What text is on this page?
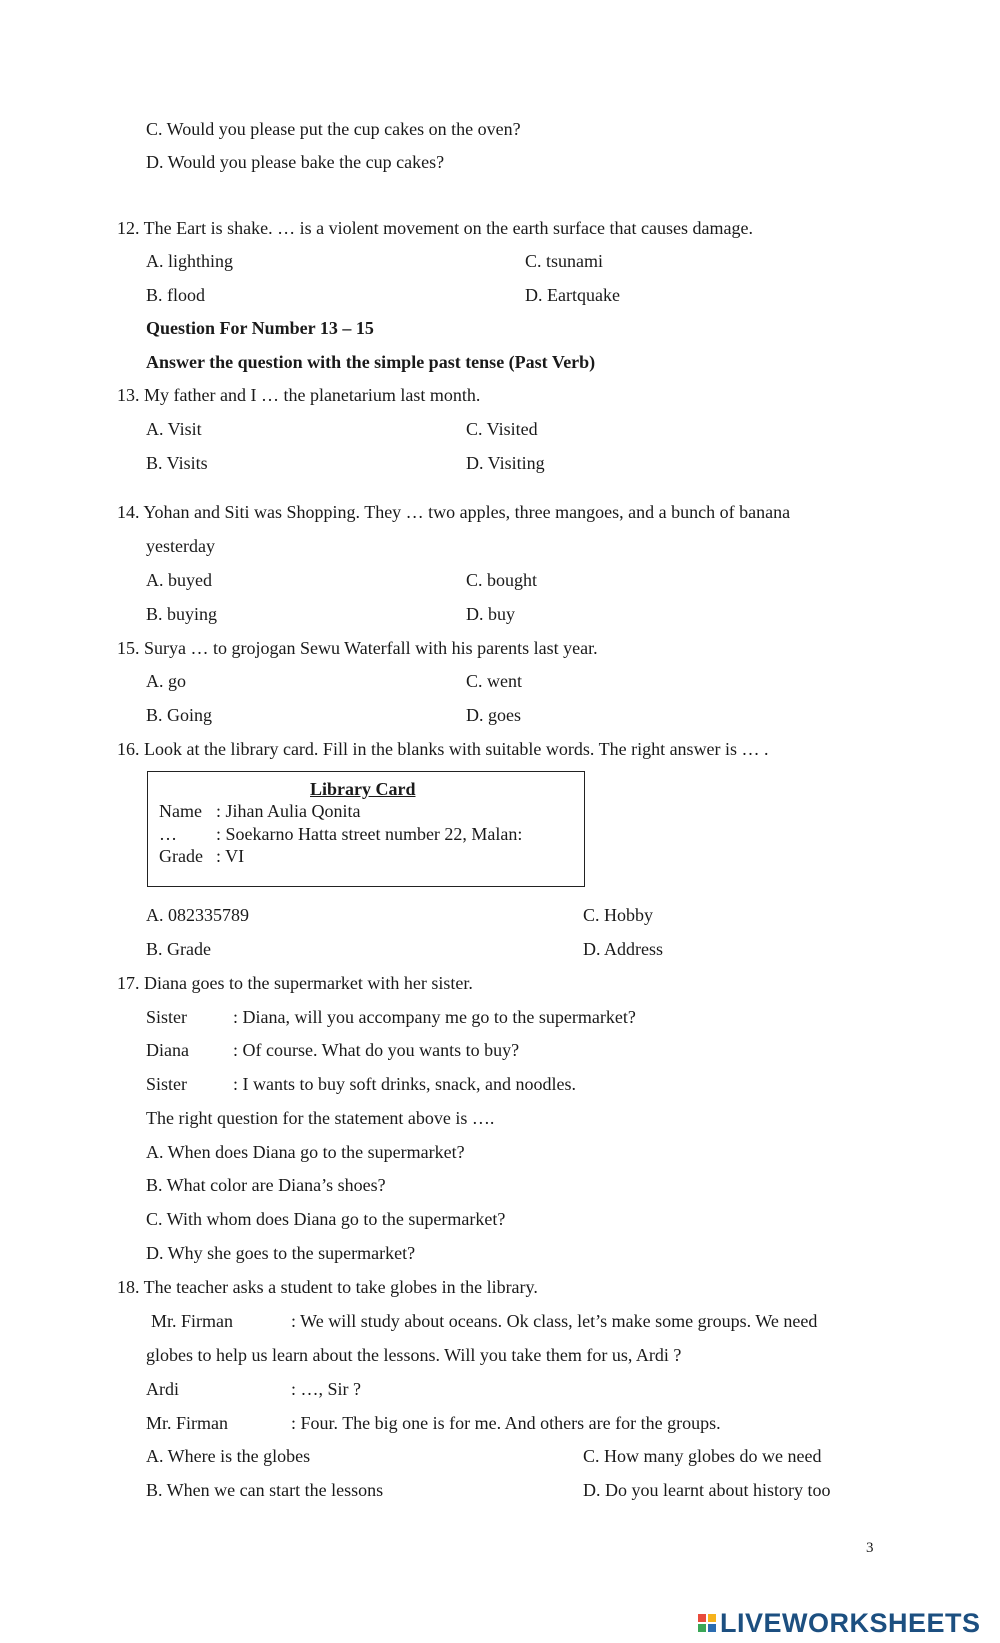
C. Would you please put the cup cakes on the oven?
D. Would you please bake the cup cakes?
12. The Eart is shake. … is a violent movement on the earth surface that causes damage.
A. lighthing	C. tsunami
B. flood	D. Eartquake
Question For Number 13 – 15
Answer the question with the simple past tense (Past Verb)
13. My father and I … the planetarium last month.
A. Visit	C. Visited
B. Visits	D. Visiting
14. Yohan and Siti was Shopping. They … two apples, three mangoes, and a bunch of banana
yesterday
A. buyed	C. bought
B. buying	D. buy
15. Surya … to grojogan Sewu Waterfall with his parents last year.
A. go	C. went
B. Going	D. goes
16. Look at the library card. Fill in the blanks with suitable words. The right answer is … .
Library Card
Name : Jihan Aulia Qonita
… : Soekarno Hatta street number 22, Malan:
Grade : VI
A. 082335789	C. Hobby
B. Grade	D. Address
17. Diana goes to the supermarket with her sister.
Sister	: Diana, will you accompany me go to the supermarket?
Diana : Of course. What do you wants to buy?
Sister	: I wants to buy soft drinks, snack, and noodles.
The right question for the statement above is ….
A. When does Diana go to the supermarket?
B. What color are Diana’s shoes?
C. With whom does Diana go to the supermarket?
D. Why she goes to the supermarket?
18. The teacher asks a student to take globes in the library.
Mr. Firman	: We will study about oceans. Ok class, let’s make some groups. We need
globes to help us learn about the lessons. Will you take them for us, Ardi ?
Ardi	: …, Sir ?
Mr. Firman	: Four. The big one is for me. And others are for the groups.
A. Where is the globes	C. How many globes do we need
B. When we can start the lessons	D. Do you learnt about history too
3
LIVEWORKSHEETS
